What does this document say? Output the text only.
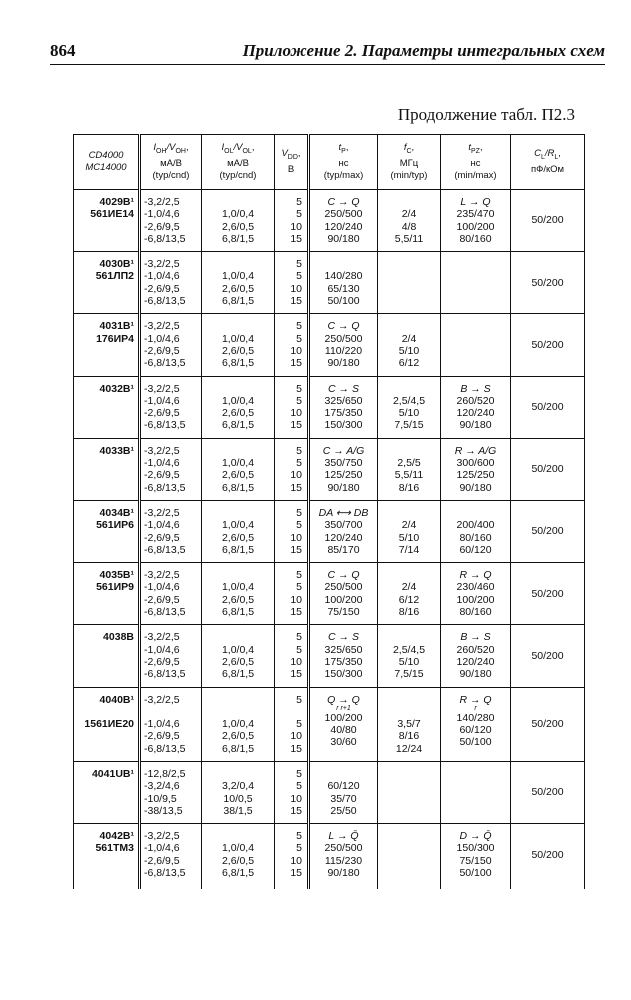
864	Приложение 2. Параметры интегральных схем
Продолжение табл. П2.3
CD4000
MC14000	$I_{OH}/V_{OH}$,
мА/В
(typ/cnd)	$I_{OL}/V_{OL}$,
мА/В
(typ/cnd)	$V_{DD}$,
В	$t_P$,
нс
(typ/max)	$f_C$,
МГц
(min/typ)	$t_{PZ}$,
нс
(min/max)	$C_L/R_L$,
пФ/кОм

4029В¹
561ИЕ14	-3,2/2,5
-1,0/4,6
-2,6/9,5
-6,8/13,5	1,0/0,4
2,6/0,5
6,8/1,5	5
5
10
15	C → Q
250/500
120/240
90/180	2/4
4/8
5,5/11	L → Q
235/470
100/200
80/160	50/200

4030В¹
561ЛП2	-3,2/2,5
-1,0/4,6
-2,6/9,5
-6,8/13,5	1,0/0,4
2,6/0,5
6,8/1,5	5
5
10
15	140/280
65/130
50/100			50/200

4031В¹
176ИР4	-3,2/2,5
-1,0/4,6
-2,6/9,5
-6,8/13,5	1,0/0,4
2,6/0,5
6,8/1,5	5
5
10
15	C → Q
250/500
110/220
90/180	2/4
5/10
6/12		50/200

4032В¹	-3,2/2,5
-1,0/4,6
-2,6/9,5
-6,8/13,5	1,0/0,4
2,6/0,5
6,8/1,5	5
5
10
15	C → S
325/650
175/350
150/300	2,5/4,5
5/10
7,5/15	B → S
260/520
120/240
90/180	50/200

4033В¹	-3,2/2,5
-1,0/4,6
-2,6/9,5
-6,8/13,5	1,0/0,4
2,6/0,5
6,8/1,5	5
5
10
15	C → A/G
350/750
125/250
90/180	2,5/5
5,5/11
8/16	R → A/G
300/600
125/250
90/180	50/200

4034В¹
561ИР6	-3,2/2,5
-1,0/4,6
-2,6/9,5
-6,8/13,5	1,0/0,4
2,6/0,5
6,8/1,5	5
5
10
15	DA ⟷ DB
350/700
120/240
85/170	2/4
5/10
7/14	200/400
80/160
60/120	50/200

4035В¹
561ИР9	-3,2/2,5
-1,0/4,6
-2,6/9,5
-6,8/13,5	1,0/0,4
2,6/0,5
6,8/1,5	5
5
10
15	C → Q
250/500
100/200
75/150	2/4
6/12
8/16	R → Q
230/460
100/200
80/160	50/200

4038В	-3,2/2,5
-1,0/4,6
-2,6/9,5
-6,8/13,5	1,0/0,4
2,6/0,5
6,8/1,5	5
5
10
15	C → S
325/650
175/350
150/300	2,5/4,5
5/10
7,5/15	B → S
260/520
120/240
90/180	50/200

4040В¹
1561ИЕ20	-3,2/2,5
-1,0/4,6
-2,6/9,5
-6,8/13,5	1,0/0,4
2,6/0,5
6,8/1,5	5
5
10
15	Q → Q
r r+1
100/200
40/80
30/60	3,5/7
8/16
12/24	R → Q
r
140/280
60/120
50/100	50/200

4041UВ¹	-12,8/2,5
-3,2/4,6
-10/9,5
-38/13,5	3,2/0,4
10/0,5
38/1,5	5
5
10
15	60/120
35/70
25/50			50/200

4042В¹
561ТМ3	-3,2/2,5
-1,0/4,6
-2,6/9,5
-6,8/13,5	1,0/0,4
2,6/0,5
6,8/1,5	5
5
10
15	L → Q̄
250/500
115/230
90/180		D → Q̄
150/300
75/150
50/100	50/200
